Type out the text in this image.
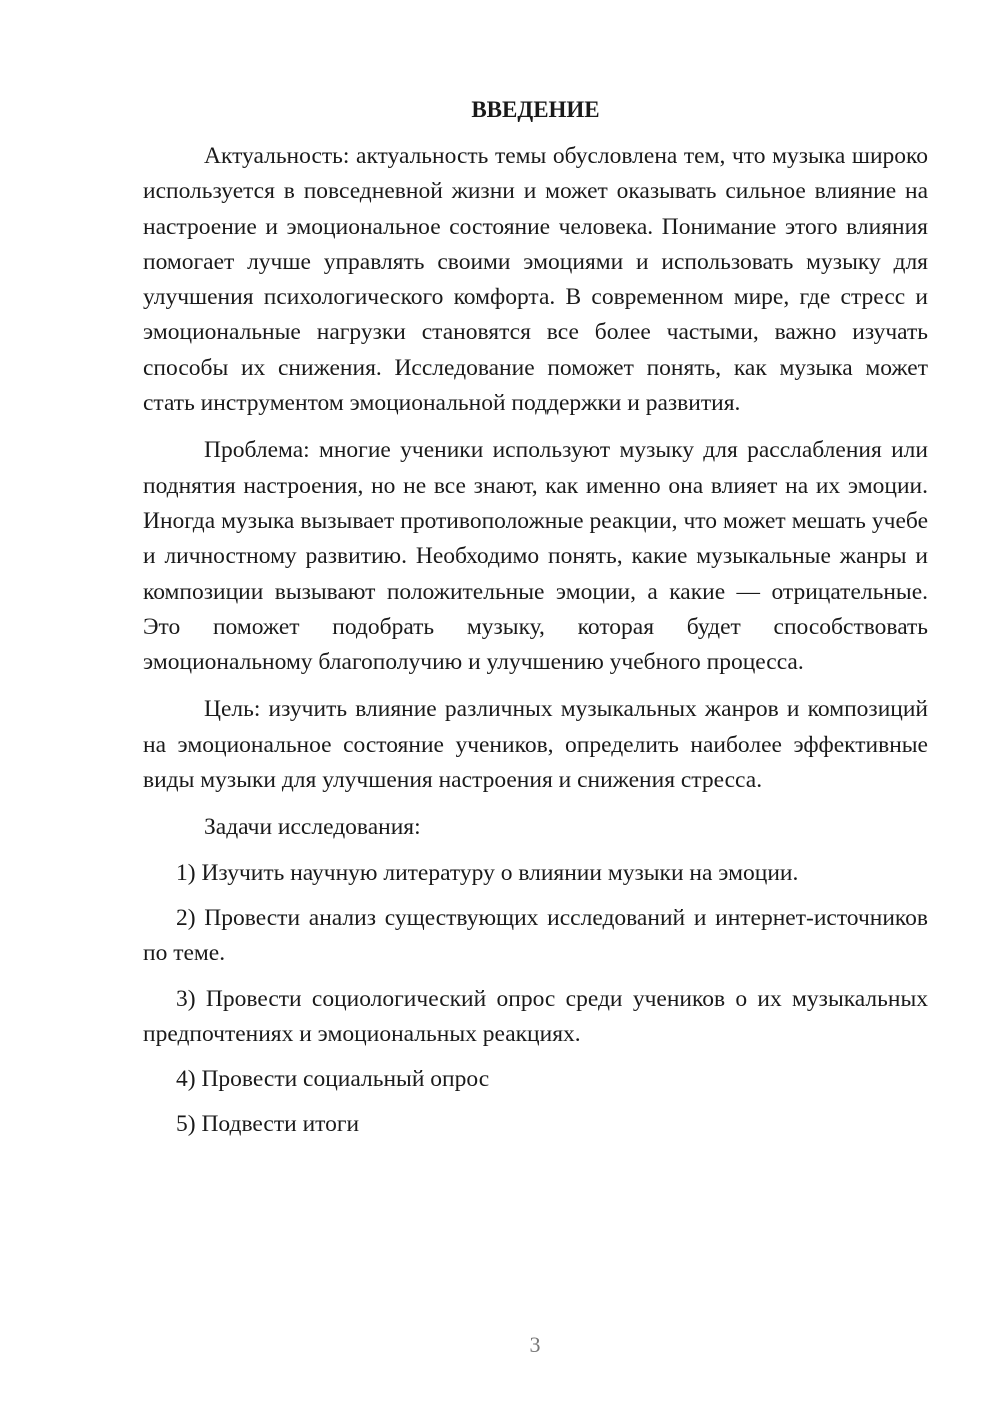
ВВЕДЕНИЕ

Актуальность: актуальность темы обусловлена тем, что музыка широко используется в повседневной жизни и может оказывать сильное влияние на настроение и эмоциональное состояние человека. Понимание этого влияния помогает лучше управлять своими эмоциями и использовать музыку для улучшения психологического комфорта. В современном мире, где стресс и эмоциональные нагрузки становятся все более частыми, важно изучать способы их снижения. Исследование поможет понять, как музыка может стать инструментом эмоциональной поддержки и развития.

Проблема: многие ученики используют музыку для расслабления или поднятия настроения, но не все знают, как именно она влияет на их эмоции. Иногда музыка вызывает противоположные реакции, что может мешать учебе и личностному развитию. Необходимо понять, какие музыкальные жанры и композиции вызывают положительные эмоции, а какие — отрицательные. Это поможет подобрать музыку, которая будет способствовать эмоциональному благополучию и улучшению учебного процесса.

Цель: изучить влияние различных музыкальных жанров и композиций на эмоциональное состояние учеников, определить наиболее эффективные виды музыки для улучшения настроения и снижения стресса.

Задачи исследования:

1) Изучить научную литературу о влиянии музыки на эмоции.

2) Провести анализ существующих исследований и интернет-источников по теме.

3) Провести социологический опрос среди учеников о их музыкальных предпочтениях и эмоциональных реакциях.

4) Провести социальный опрос

5) Подвести итоги

3
